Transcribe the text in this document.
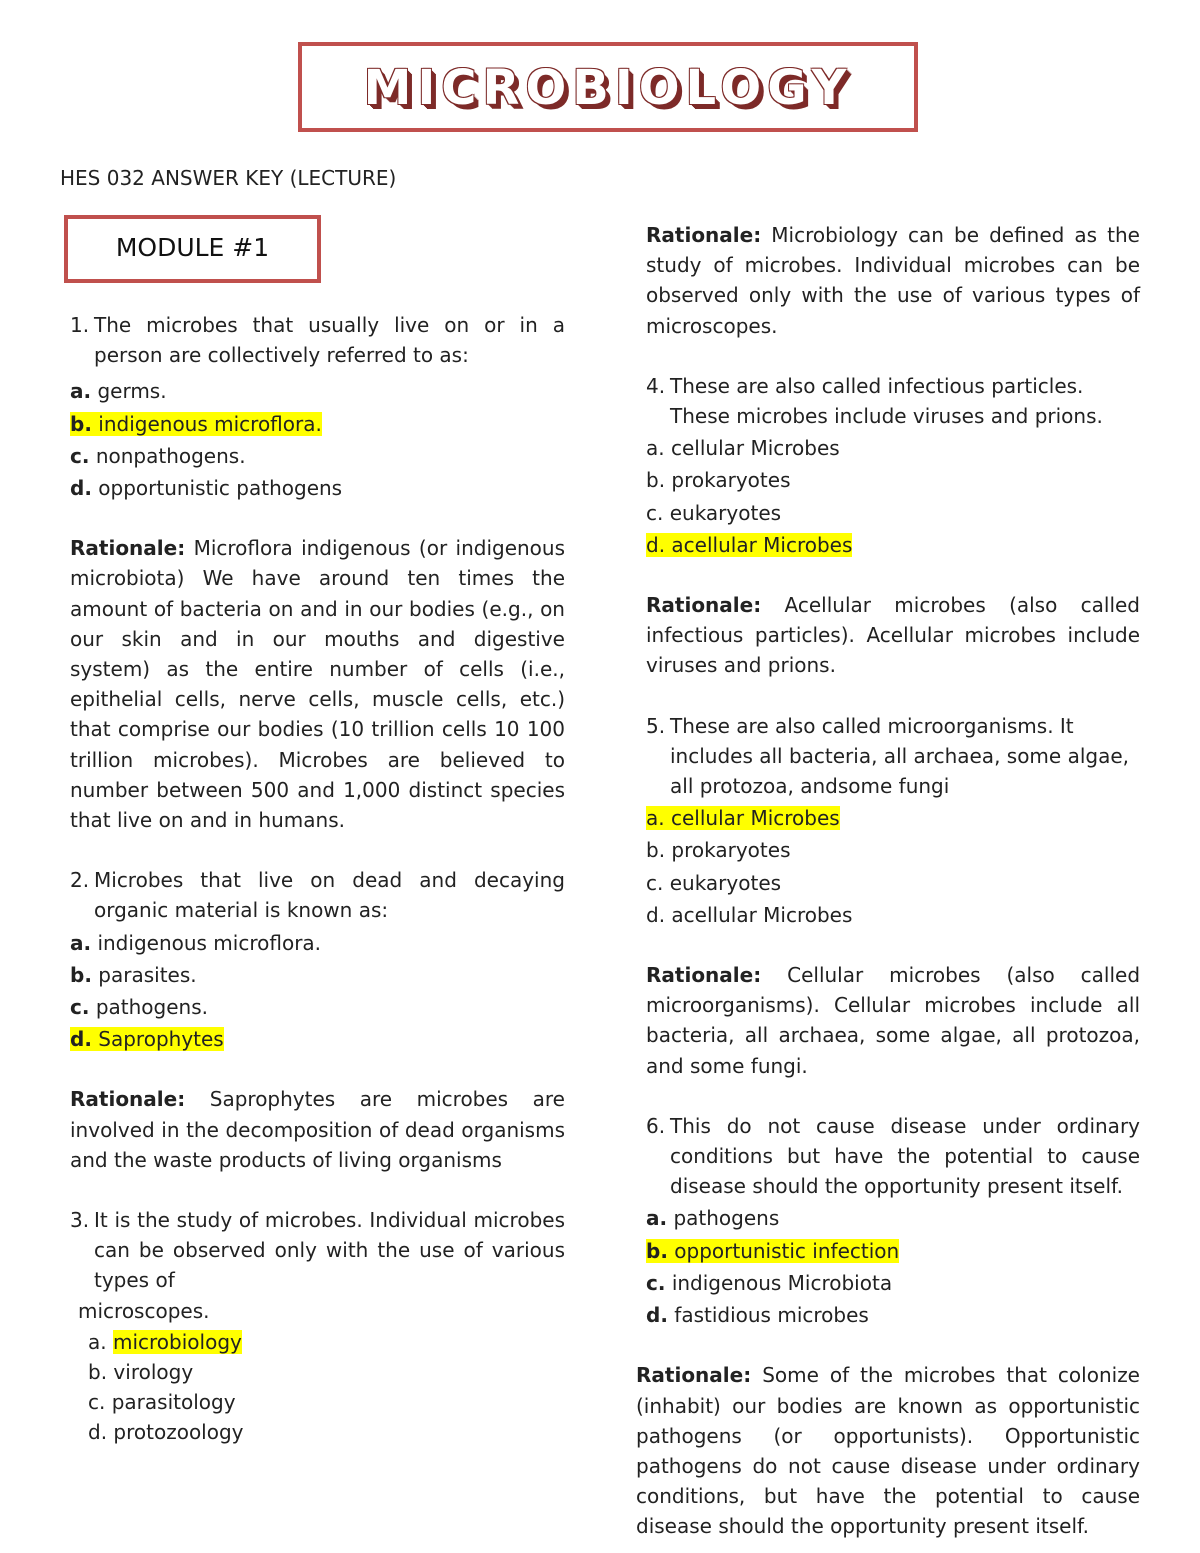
MICROBIOLOGY
HES 032 ANSWER KEY (LECTURE)
MODULE #1
1. The microbes that usually live on or in a person are collectively referred to as:
a. germs.
b. indigenous microflora.
c. nonpathogens.
d. opportunistic pathogens
Rationale: Microflora indigenous (or indigenous microbiota) We have around ten times the amount of bacteria on and in our bodies (e.g., on our skin and in our mouths and digestive system) as the entire number of cells (i.e., epithelial cells, nerve cells, muscle cells, etc.) that comprise our bodies (10 trillion cells 10 100 trillion microbes). Microbes are believed to number between 500 and 1,000 distinct species that live on and in humans.
2. Microbes that live on dead and decaying organic material is known as:
a. indigenous microflora.
b. parasites.
c. pathogens.
d. Saprophytes
Rationale: Saprophytes are microbes are involved in the decomposition of dead organisms and the waste products of living organisms
3. It is the study of microbes. Individual microbes can be observed only with the use of various types of
microscopes.
a. microbiology
b. virology
c. parasitology
d. protozoology
Rationale: Microbiology can be defined as the study of microbes. Individual microbes can be observed only with the use of various types of microscopes.
4. These are also called infectious particles. These microbes include viruses and prions.
a. cellular Microbes
b. prokaryotes
c. eukaryotes
d. acellular Microbes
Rationale: Acellular microbes (also called infectious particles). Acellular microbes include viruses and prions.
5. These are also called microorganisms. It includes all bacteria, all archaea, some algae, all protozoa, andsome fungi
a. cellular Microbes
b. prokaryotes
c. eukaryotes
d. acellular Microbes
Rationale: Cellular microbes (also called microorganisms). Cellular microbes include all bacteria, all archaea, some algae, all protozoa, and some fungi.
6. This do not cause disease under ordinary conditions but have the potential to cause disease should the opportunity present itself.
a. pathogens
b. opportunistic infection
c. indigenous Microbiota
d. fastidious microbes
Rationale: Some of the microbes that colonize (inhabit) our bodies are known as opportunistic pathogens (or opportunists). Opportunistic pathogens do not cause disease under ordinary conditions, but have the potential to cause disease should the opportunity present itself.
